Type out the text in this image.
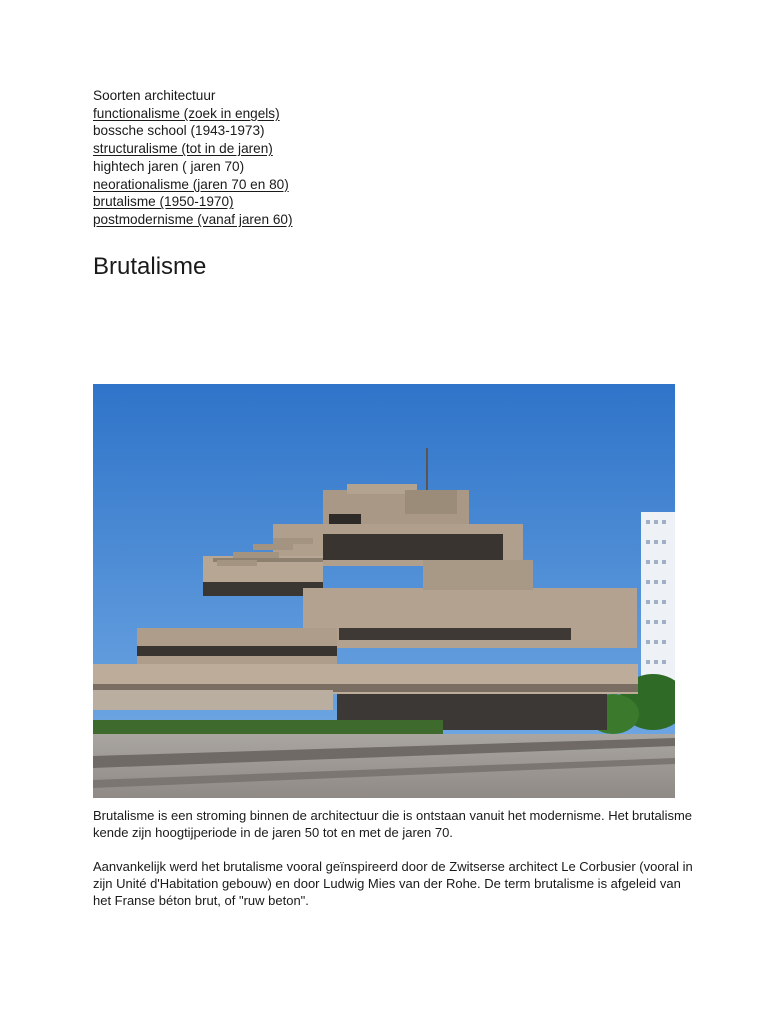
Soorten architectuur
functionalisme (zoek in engels)
bossche school (1943-1973)
structuralisme (tot in de jaren)
hightech jaren ( jaren 70)
neorationalisme (jaren 70 en 80)
brutalisme (1950-1970)
postmodernisme (vanaf jaren 60)
Brutalisme

Brutalisme is een stroming binnen de architectuur die is ontstaan vanuit het modernisme. Het brutalisme kende zijn hoogtijperiode in de jaren 50 tot en met de jaren 70.

Aanvankelijk werd het brutalisme vooral geïnspireerd door de Zwitserse architect Le Corbusier (vooral in zijn Unité d'Habitation gebouw) en door Ludwig Mies van der Rohe. De term brutalisme is afgeleid van het Franse béton brut, of "ruw beton".
